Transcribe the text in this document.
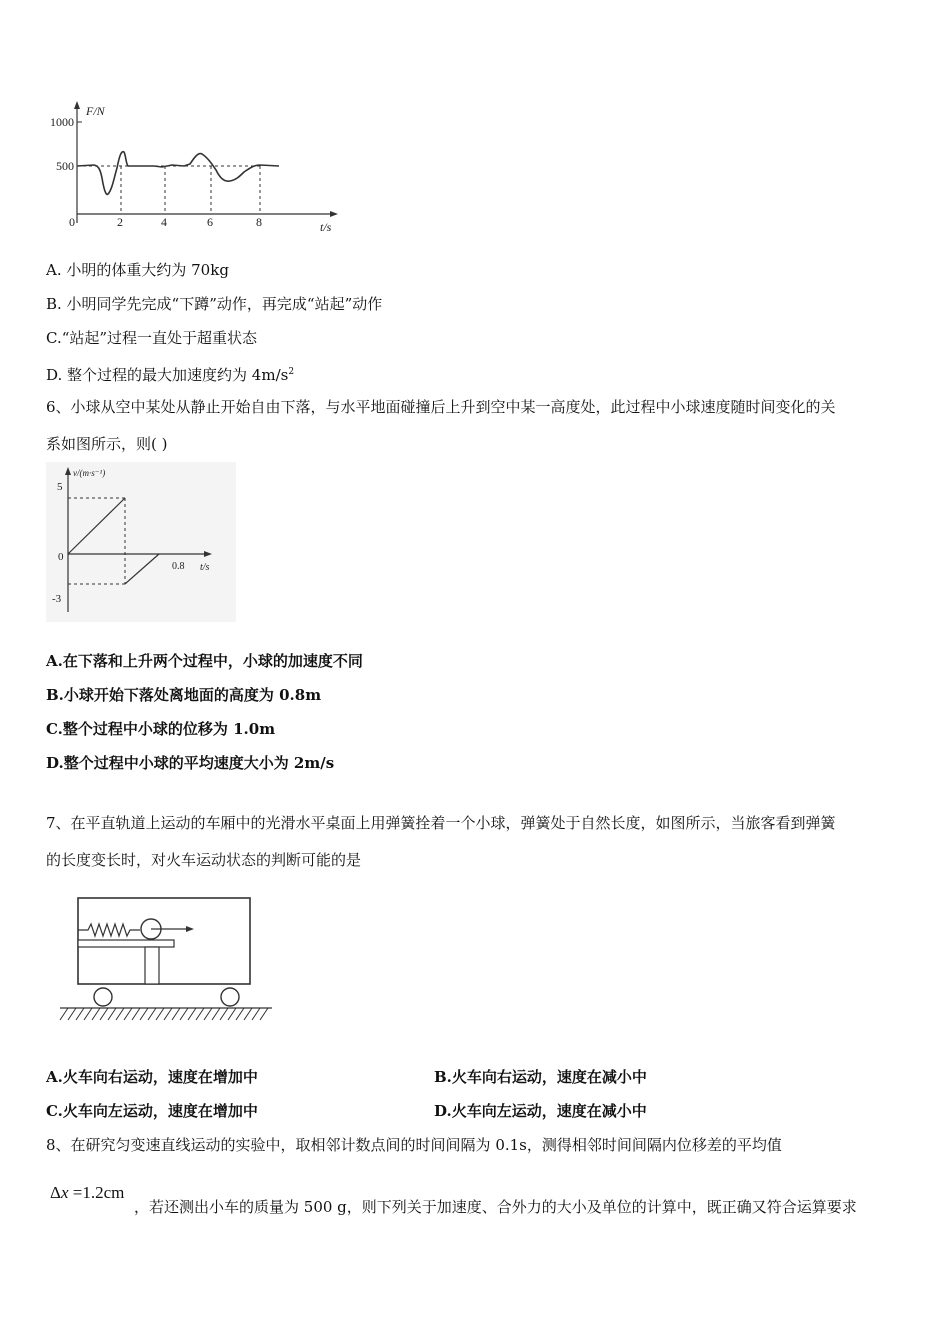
F/N
t/s
1000
500
0	2	4	6	8
A. 小明的体重大约为 70kg
B. 小明同学先完成“下蹲”动作，再完成“站起”动作
C.“站起”过程一直处于超重状态
D. 整个过程的最大加速度约为 $4m/s^2$
6、小球从空中某处从静止开始自由下落，与水平地面碰撞后上升到空中某一高度处，此过程中小球速度随时间变化的关
系如图所示，则( )
v/(m·s⁻¹)
t/s
5
0
-3
0.8
A.在下落和上升两个过程中，小球的加速度不同
B.小球开始下落处离地面的高度为 0.8m
C.整个过程中小球的位移为 1.0m
D.整个过程中小球的平均速度大小为 2m/s
7、在平直轨道上运动的车厢中的光滑水平桌面上用弹簧拴着一个小球，弹簧处于自然长度，如图所示，当旅客看到弹簧
的长度变长时，对火车运动状态的判断可能的是
A.火车向右运动，速度在增加中	B.火车向右运动，速度在减小中
C.火车向左运动，速度在增加中	D.火车向左运动，速度在减小中
8、在研究匀变速直线运动的实验中，取相邻计数点间的时间间隔为 0.1s，测得相邻时间间隔内位移差的平均值
Δx =1.2cm
，若还测出小车的质量为 500 g，则下列关于加速度、合外力的大小及单位的计算中，既正确又符合运算要求
